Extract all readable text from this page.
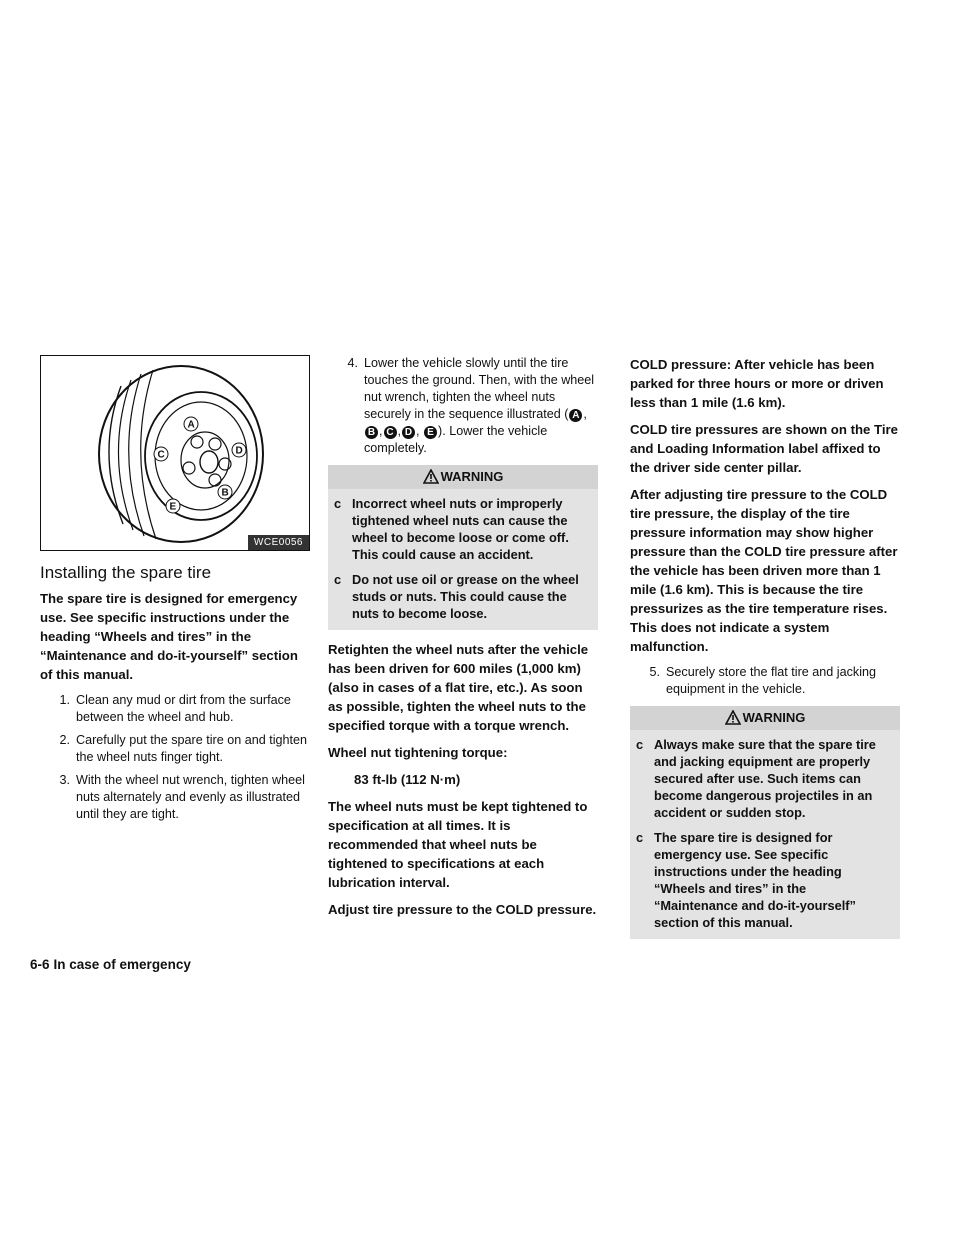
A
B
C	D
E
WCE0056
Installing the spare tire

The spare tire is designed for emergency use. See specific instructions under the heading “Wheels and tires” in the “Maintenance and do-it-yourself” section of this manual.

1. Clean any mud or dirt from the surface between the wheel and hub.
2. Carefully put the spare tire on and tighten the wheel nuts finger tight.
3. With the wheel nut wrench, tighten wheel nuts alternately and evenly as illustrated until they are tight.
4. Lower the vehicle slowly until the tire touches the ground. Then, with the wheel nut wrench, tighten the wheel nuts securely in the sequence illustrated ( A ,B , C , D , E ). Lower the vehicle completely.
WARNING
c Incorrect wheel nuts or improperly tightened wheel nuts can cause the wheel to become loose or come off. This could cause an accident.
c Do not use oil or grease on the wheel studs or nuts. This could cause the nuts to become loose.

Retighten the wheel nuts after the vehicle has been driven for 600 miles (1,000 km) (also in cases of a flat tire, etc.). As soon as possible, tighten the wheel nuts to the specified torque with a torque wrench.

Wheel nut tightening torque:

83 ft-lb (112 N·m)

The wheel nuts must be kept tightened to specification at all times. It is recommended that wheel nuts be tightened to specifications at each lubrication interval.

Adjust tire pressure to the COLD pressure.

COLD pressure: After vehicle has been parked for three hours or more or driven less than 1 mile (1.6 km).

COLD tire pressures are shown on the Tire and Loading Information label affixed to the driver side center pillar.

After adjusting tire pressure to the COLD tire pressure, the display of the tire pressure information may show higher pressure than the COLD tire pressure after the vehicle has been driven more than 1 mile (1.6 km). This is because the tire pressurizes as the tire temperature rises. This does not indicate a system malfunction.

5. Securely store the flat tire and jacking equipment in the vehicle.
WARNING
c Always make sure that the spare tire and jacking equipment are properly secured after use. Such items can become dangerous projectiles in an accident or sudden stop.
c The spare tire is designed for emergency use. See specific instructions under the heading “Wheels and tires” in the “Maintenance and do-it-yourself” section of this manual.
6-6 In case of emergency
